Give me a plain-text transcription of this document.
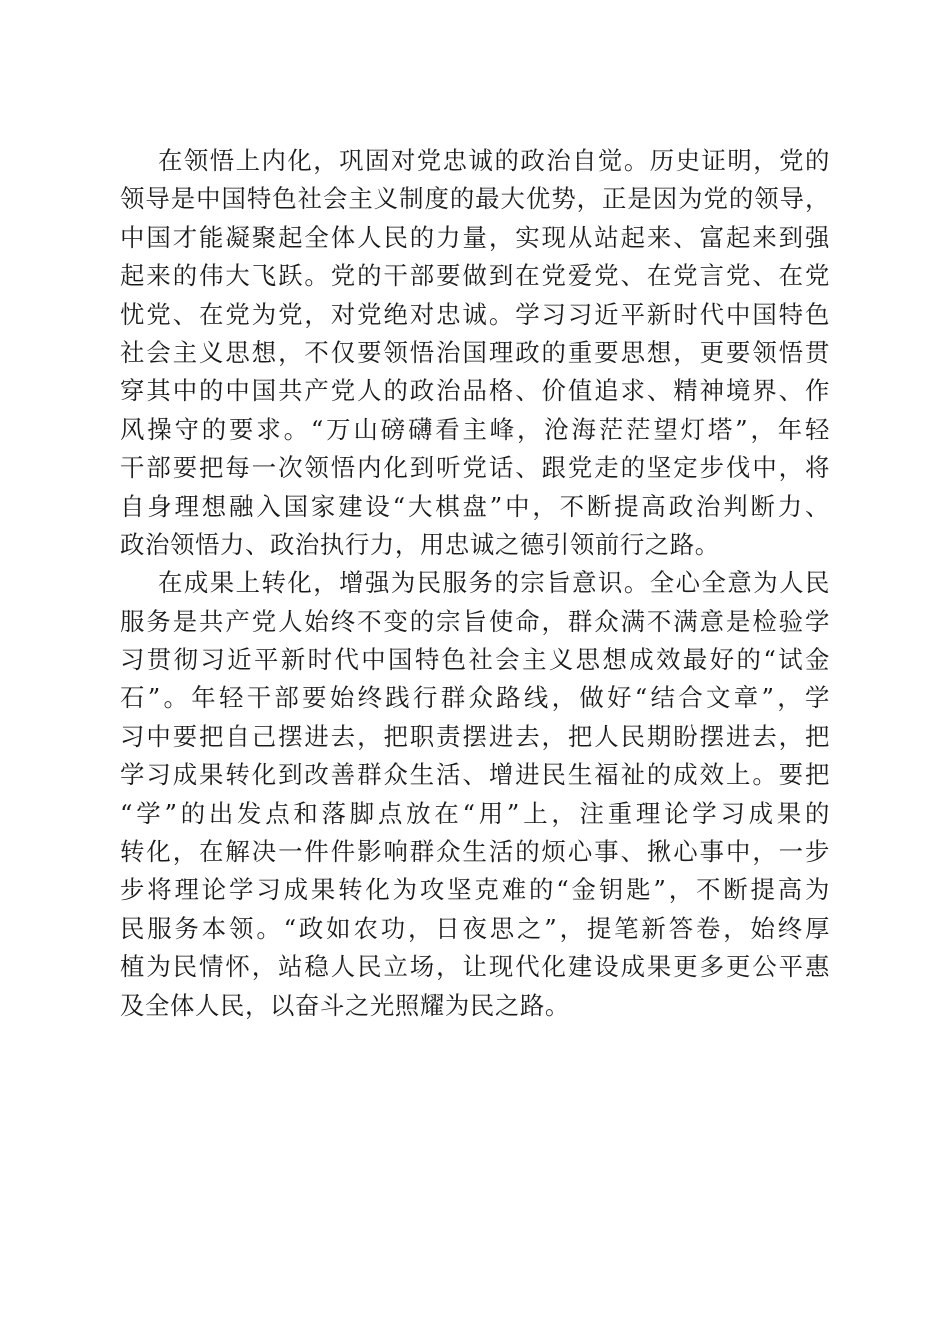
在领悟上内化，巩固对党忠诚的政治自觉。历史证明，党的
领导是中国特色社会主义制度的最大优势，正是因为党的领导，
中国才能凝聚起全体人民的力量，实现从站起来、富起来到强
起来的伟大飞跃。党的干部要做到在党爱党、在党言党、在党
忧党、在党为党，对党绝对忠诚。学习习近平新时代中国特色
社会主义思想，不仅要领悟治国理政的重要思想，更要领悟贯
穿其中的中国共产党人的政治品格、价值追求、精神境界、作
风操守的要求。“万山磅礴看主峰，沧海茫茫望灯塔”，年轻
干部要把每一次领悟内化到听党话、跟党走的坚定步伐中，将
自身理想融入国家建设“大棋盘”中，不断提高政治判断力、
政治领悟力、政治执行力，用忠诚之德引领前行之路。
在成果上转化，增强为民服务的宗旨意识。全心全意为人民
服务是共产党人始终不变的宗旨使命，群众满不满意是检验学
习贯彻习近平新时代中国特色社会主义思想成效最好的“试金
石”。年轻干部要始终践行群众路线，做好“结合文章”，学
习中要把自己摆进去，把职责摆进去，把人民期盼摆进去，把
学习成果转化到改善群众生活、增进民生福祉的成效上。要把
“学”的出发点和落脚点放在“用”上，注重理论学习成果的
转化，在解决一件件影响群众生活的烦心事、揪心事中，一步
步将理论学习成果转化为攻坚克难的“金钥匙”，不断提高为
民服务本领。“政如农功，日夜思之”，提笔新答卷，始终厚
植为民情怀，站稳人民立场，让现代化建设成果更多更公平惠
及全体人民，以奋斗之光照耀为民之路。
